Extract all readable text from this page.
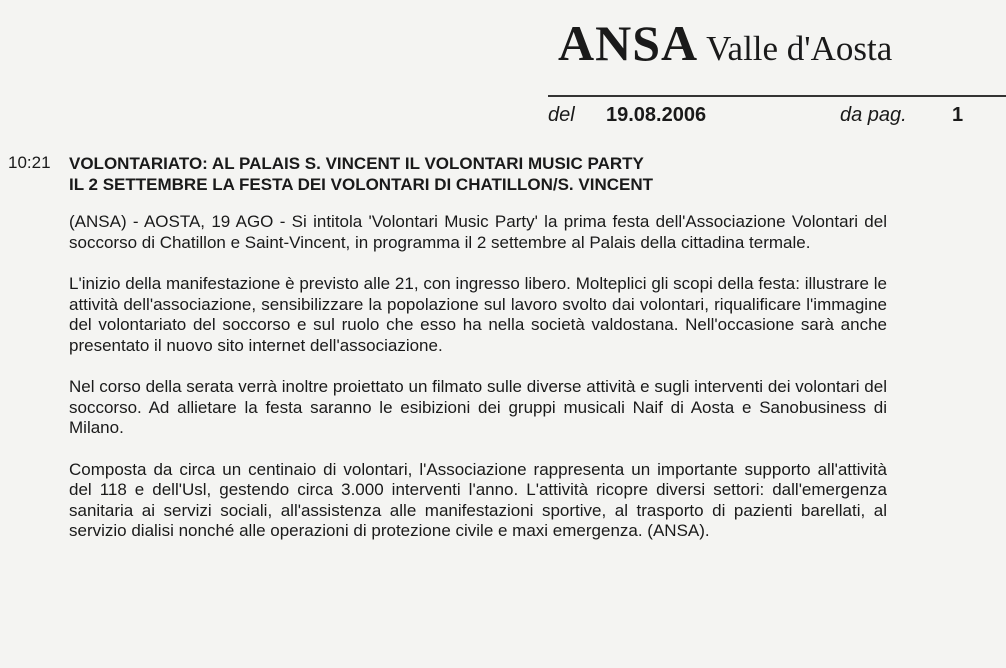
ANSA Valle d'Aosta
del 19.08.2006	da pag. 1
10:21 VOLONTARIATO: AL PALAIS S. VINCENT IL VOLONTARI MUSIC PARTY
IL 2 SETTEMBRE LA FESTA DEI VOLONTARI DI CHATILLON/S. VINCENT

(ANSA) - AOSTA, 19 AGO - Si intitola 'Volontari Music Party' la prima festa dell'Associazione Volontari del soccorso di Chatillon e Saint-Vincent, in programma il 2 settembre al Palais della cittadina termale.

L'inizio della manifestazione è previsto alle 21, con ingresso libero. Molteplici gli scopi della festa: illustrare le attività dell'associazione, sensibilizzare la popolazione sul lavoro svolto dai volontari, riqualificare l'immagine del volontariato del soccorso e sul ruolo che esso ha nella società valdostana. Nell'occasione sarà anche presentato il nuovo sito internet dell'associazione.

Nel corso della serata verrà inoltre proiettato un filmato sulle diverse attività e sugli interventi dei volontari del soccorso. Ad allietare la festa saranno le esibizioni dei gruppi musicali Naif di Aosta e Sanobusiness di Milano.

Composta da circa un centinaio di volontari, l'Associazione rappresenta un importante supporto all'attività del 118 e dell'Usl, gestendo circa 3.000 interventi l'anno. L'attività ricopre diversi settori: dall'emergenza sanitaria ai servizi sociali, all'assistenza alle manifestazioni sportive, al trasporto di pazienti barellati, al servizio dialisi nonché alle operazioni di protezione civile e maxi emergenza. (ANSA).
